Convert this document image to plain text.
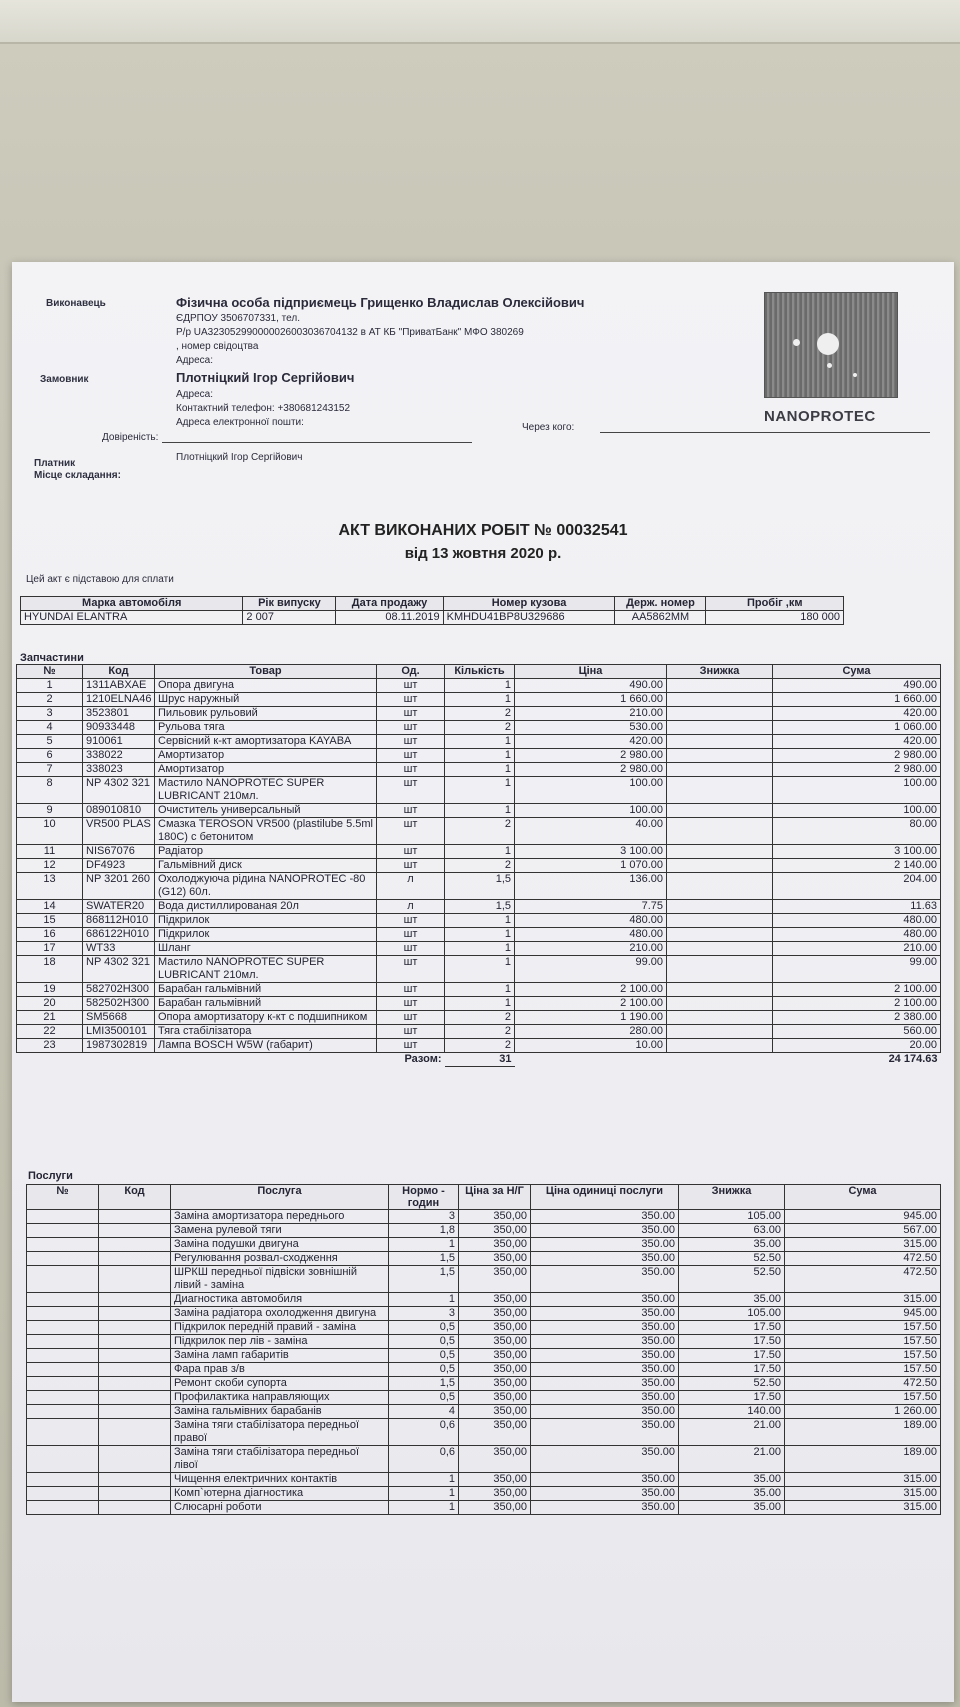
Виконавець	Фізична особа підприємець Грищенко Владислав Олексійович
ЄДРПОУ 3506707331, тел.
Р/р UA323052990000026003036704132 в АТ КБ "ПриватБанк" МФО 380269
, номер свідоцтва
Адреса:
Замовник	Плотніцкий Ігор Сергійович
Адреса:
Контактний телефон: +380681243152
Адреса електронної пошти:
Довіреність:
Через кого:
Платник
Плотніцкий Ігор Сергійович
Місце складання:
NANOPROTEC
АКТ ВИКОНАНИХ РОБІТ № 00032541
від 13 жовтня 2020 р.
Цей акт є підставою для сплати
Марка автомобіля	Рік випуску	Дата продажу	Номер кузова	Держ. номер	Пробіг ,км
HYUNDAI ELANTRA	2 007	08.11.2019	KMHDU41BP8U329686	AA5862MM	180 000
Запчастини
№	Код	Товар	Од.	Кількість	Ціна	Знижка	Сума
1	1311ABXAE	Опора двигуна	шт	1	490.00		490.00
2	1210ELNA46	Шрус наружный	шт	1	1 660.00		1 660.00
3	3523801	Пильовик рульовий	шт	2	210.00		420.00
4	90933448	Рульова тяга	шт	2	530.00		1 060.00
5	910061	Сервісний к-кт амортизатора KAYABA	шт	1	420.00		420.00
6	338022	Амортизатор	шт	1	2 980.00		2 980.00
7	338023	Амортизатор	шт	1	2 980.00		2 980.00
8	NP 4302 321	Мастило NANOPROTEC SUPER LUBRICANT 210мл.	шт	1	100.00		100.00
9	089010810	Очиститель универсальный	шт	1	100.00		100.00
10	VR500 PLAS	Смазка TEROSON VR500 (plastilube 5.5ml 180C) с бетонитом	шт	2	40.00		80.00
11	NIS67076	Радіатор	шт	1	3 100.00		3 100.00
12	DF4923	Гальмівний диск	шт	2	1 070.00		2 140.00
13	NP 3201 260	Охолоджуюча рідина NANOPROTEC -80 (G12) 60л.	л	1,5	136.00		204.00
14	SWATER20	Вода дистиллированая 20л	л	1,5	7.75		11.63
15	868112H010	Підкрилок	шт	1	480.00		480.00
16	686122H010	Підкрилок	шт	1	480.00		480.00
17	WT33	Шланг	шт	1	210.00		210.00
18	NP 4302 321	Мастило NANOPROTEC SUPER LUBRICANT 210мл.	шт	1	99.00		99.00
19	582702H300	Барабан гальмівний	шт	1	2 100.00		2 100.00
20	582502H300	Барабан гальмівний	шт	1	2 100.00		2 100.00
21	SM5668	Опора амортизатору к-кт с подшипником	шт	2	1 190.00		2 380.00
22	LMI3500101	Тяга стабілізатора	шт	2	280.00		560.00
23	1987302819	Лампа BOSCH W5W (габарит)	шт	2	10.00		20.00
			Разом:	31			24 174.63
Послуги
№	Код	Послуга	Нормо - годин	Ціна за Н/Г	Ціна одиниці послуги	Знижка	Сума
		Заміна амортизатора переднього	3	350,00	350.00	105.00	945.00
		Замена рулевой тяги	1,8	350,00	350.00	63.00	567.00
		Заміна подушки двигуна	1	350,00	350.00	35.00	315.00
		Регулювання розвал-сходження	1,5	350,00	350.00	52.50	472.50
		ШРКШ передньої підвіски зовнішній лівий - заміна	1,5	350,00	350.00	52.50	472.50
		Диагностика автомобиля	1	350,00	350.00	35.00	315.00
		Заміна радіатора охолодження двигуна	3	350,00	350.00	105.00	945.00
		Підкрилок передній правий - заміна	0,5	350,00	350.00	17.50	157.50
		Підкрилок пер лів - заміна	0,5	350,00	350.00	17.50	157.50
		Заміна ламп габаритів	0,5	350,00	350.00	17.50	157.50
		Фара прав з/в	0,5	350,00	350.00	17.50	157.50
		Ремонт скоби супорта	1,5	350,00	350.00	52.50	472.50
		Профилактика направляющих	0,5	350,00	350.00	17.50	157.50
		Заміна гальмівних барабанів	4	350,00	350.00	140.00	1 260.00
		Заміна тяги стабілізатора передньої правої	0,6	350,00	350.00	21.00	189.00
		Заміна тяги стабілізатора передньої лівої	0,6	350,00	350.00	21.00	189.00
		Чищення електричних контактів	1	350,00	350.00	35.00	315.00
		Комп`ютерна діагностика	1	350,00	350.00	35.00	315.00
		Слюсарні роботи	1	350,00	350.00	35.00	315.00
